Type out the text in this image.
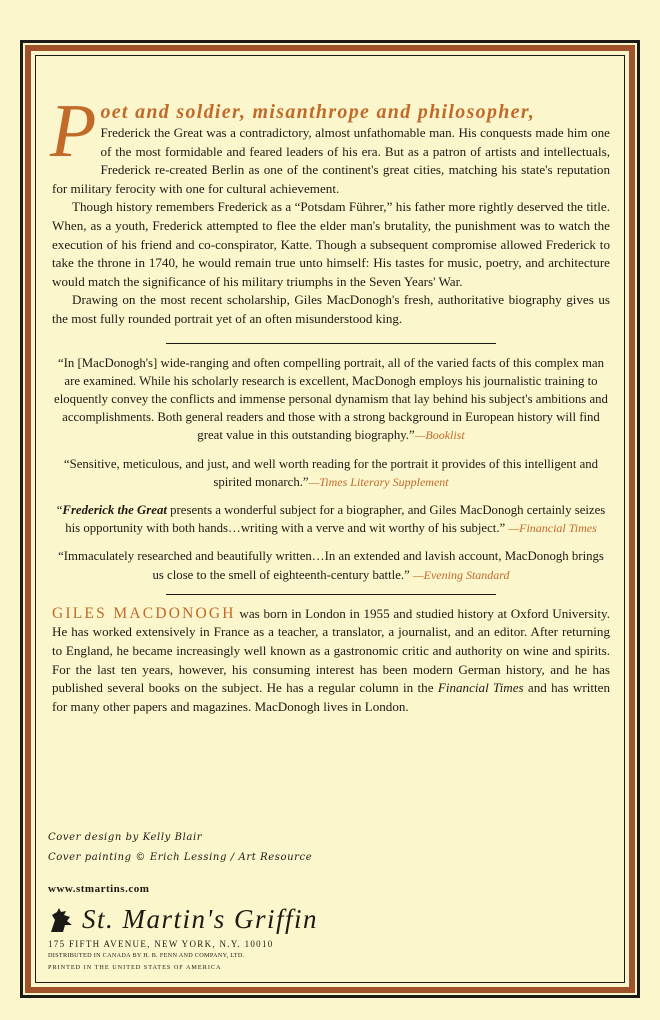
P oet and soldier, misanthrope and philosopher,

Frederick the Great was a contradictory, almost unfathomable man. His conquests made him one of the most formidable and feared leaders of his era. But as a patron of artists and intellectuals, Frederick re-created Berlin as one of the continent's great cities, matching his state's reputation for military ferocity with one for cultural achievement.

Though history remembers Frederick as a “Potsdam Führer,” his father more rightly deserved the title. When, as a youth, Frederick attempted to flee the elder man's brutality, the punishment was to watch the execution of his friend and co-conspirator, Katte. Though a subsequent compromise allowed Frederick to take the throne in 1740, he would remain true unto himself: His tastes for music, poetry, and architecture would match the significance of his military triumphs in the Seven Years' War.

Drawing on the most recent scholarship, Giles MacDonogh's fresh, authoritative biography gives us the most fully rounded portrait yet of an often misunderstood king.

“In [MacDonogh's] wide-ranging and often compelling portrait, all of the varied facts of this complex man are examined. While his scholarly research is excellent, MacDonogh employs his journalistic training to eloquently convey the conflicts and immense personal dynamism that lay behind his subject's ambitions and accomplishments. Both general readers and those with a strong background in European history will find great value in this outstanding biography.”—Booklist

“Sensitive, meticulous, and just, and well worth reading for the portrait it provides of this intelligent and spirited monarch.”—Times Literary Supplement

“Frederick the Great presents a wonderful subject for a biographer, and Giles MacDonogh certainly seizes his opportunity with both hands…writing with a verve and wit worthy of his subject.” —Financial Times

“Immaculately researched and beautifully written…In an extended and lavish account, MacDonogh brings us close to the smell of eighteenth-century battle.” —Evening Standard

GILES MACDONOGH was born in London in 1955 and studied history at Oxford University. He has worked extensively in France as a teacher, a translator, a journalist, and an editor. After returning to England, he became increasingly well known as a gastronomic critic and authority on wine and spirits. For the last ten years, however, his consuming interest has been modern German history, and he has published several books on the subject. He has a regular column in the Financial Times and has written for many other papers and magazines. MacDonogh lives in London.

Cover design by Kelly Blair
Cover painting © Erich Lessing / Art Resource
www.stmartins.com
St. Martin's Griffin
175 FIFTH AVENUE, NEW YORK, N.Y. 10010
DISTRIBUTED IN CANADA BY H. B. FENN AND COMPANY, LTD.
PRINTED IN THE UNITED STATES OF AMERICA
